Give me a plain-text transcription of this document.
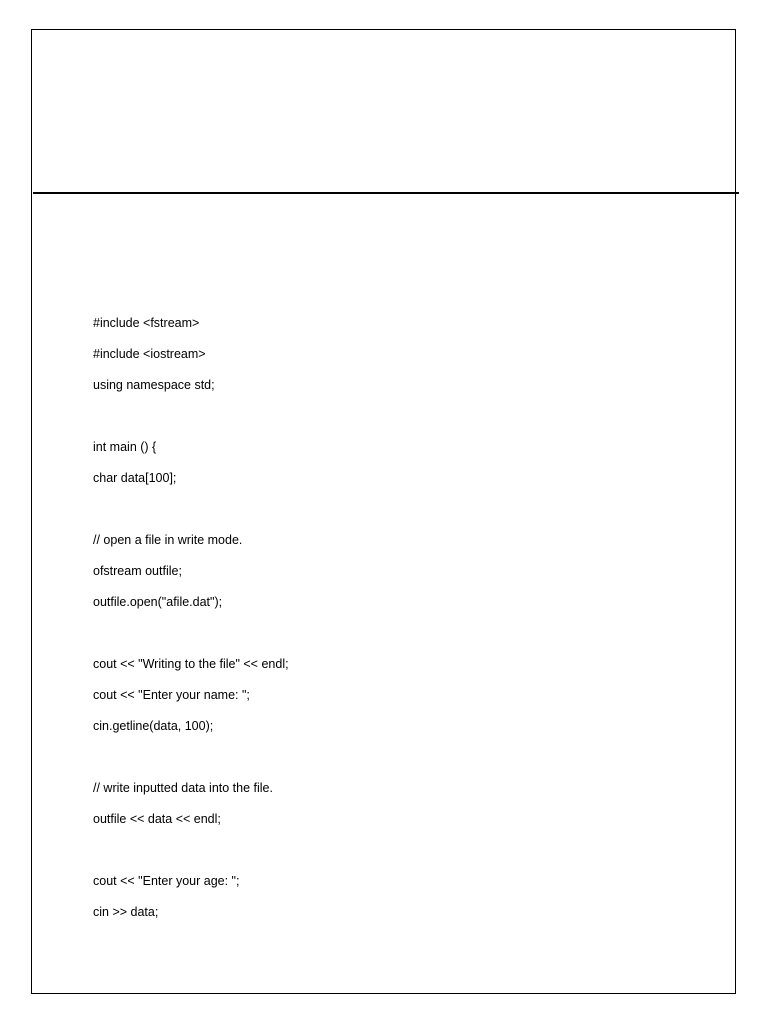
#include <fstream>
#include <iostream>
using namespace std;
int main () {
char data[100];
// open a file in write mode.
ofstream outfile;
outfile.open("afile.dat");
cout << "Writing to the file" << endl;
cout << "Enter your name: ";
cin.getline(data, 100);
// write inputted data into the file.
outfile << data << endl;
cout << "Enter your age: ";
cin >> data;
